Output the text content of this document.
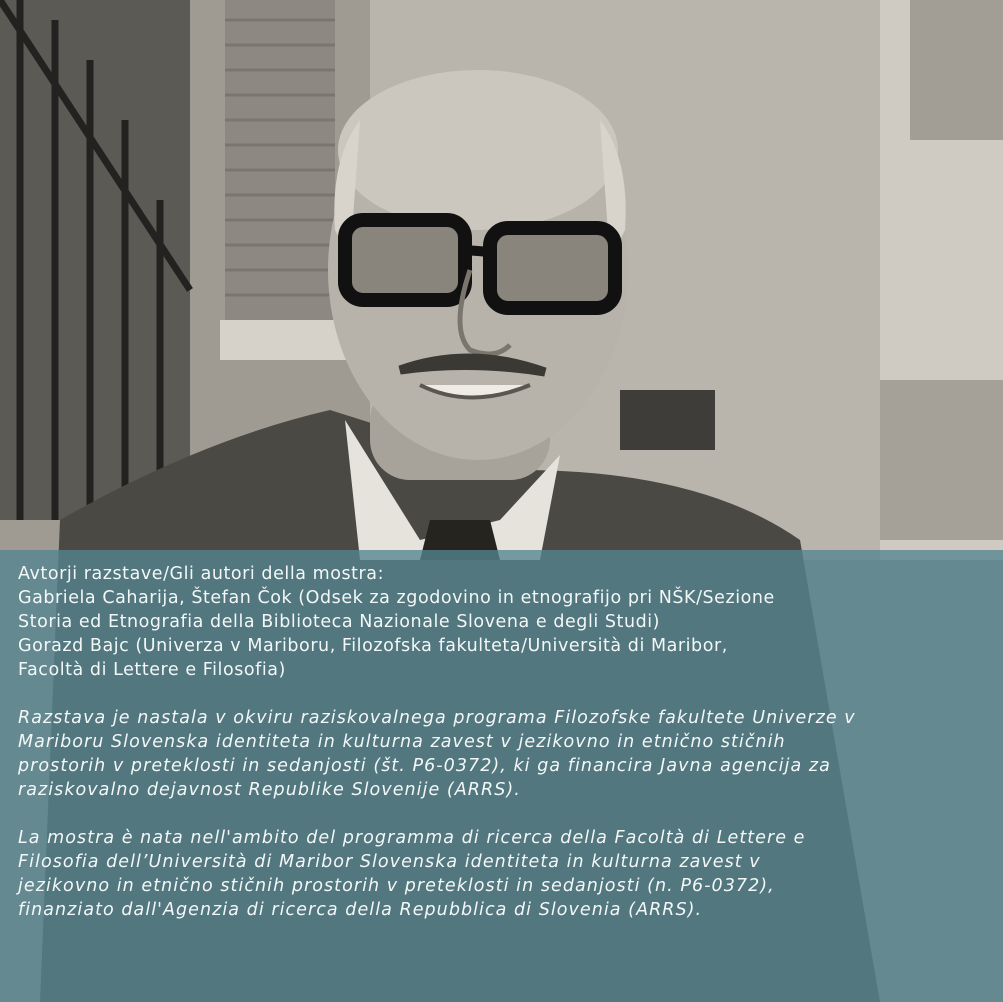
Avtorji razstave/Gli autori della mostra:
Gabriela Caharija, Štefan Čok (Odsek za zgodovino in etnografijo pri NŠK/Sezione
Storia ed Etnografia della Biblioteca Nazionale Slovena e degli Studi)
Gorazd Bajc (Univerza v Mariboru, Filozofska fakulteta/Università di Maribor,
Facoltà di Lettere e Filosofia)

Razstava je nastala v okviru raziskovalnega programa Filozofske fakultete Univerze v
Mariboru Slovenska identiteta in kulturna zavest v jezikovno in etnično stičnih
prostorih v preteklosti in sedanjosti (št. P6-0372), ki ga financira Javna agencija za
raziskovalno dejavnost Republike Slovenije (ARRS).

La mostra è nata nell'ambito del programma di ricerca della Facoltà di Lettere e
Filosofia dell’Università di Maribor Slovenska identiteta in kulturna zavest v
jezikovno in etnično stičnih prostorih v preteklosti in sedanjosti (n. P6-0372),
finanziato dall'Agenzia di ricerca della Repubblica di Slovenia (ARRS).
